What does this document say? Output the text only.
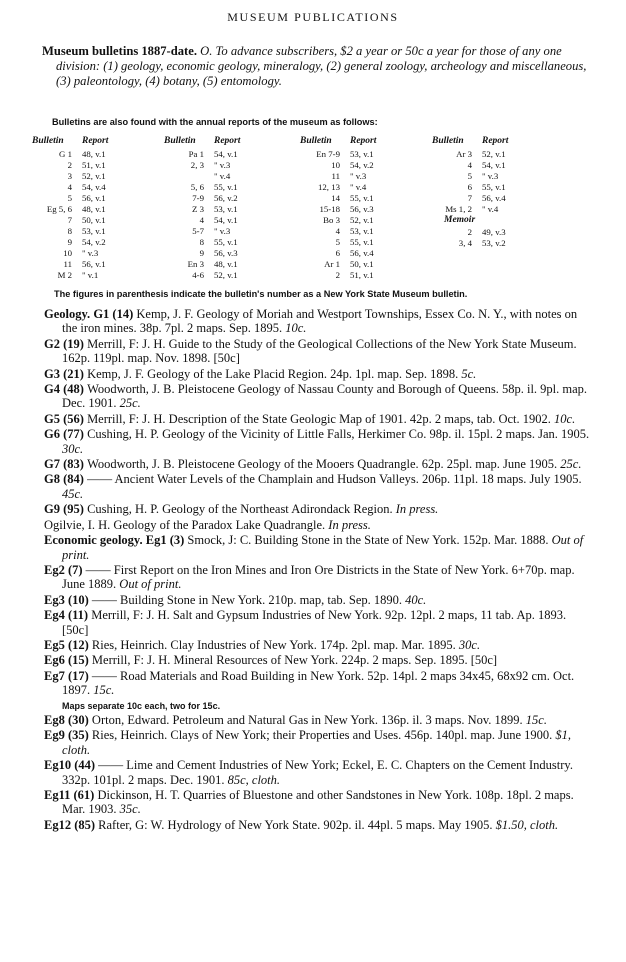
MUSEUM PUBLICATIONS

Museum bulletins 1887-date. O. To advance subscribers, $2 a year or 50c a year for those of any one division: (1) geology, economic geology, mineralogy, (2) general zoology, archeology and miscellaneous, (3) paleontology, (4) botany, (5) entomology.

Bulletins are also found with the annual reports of the museum as follows:
Bulletin Report
G 1 48, v.1
2 51, v.1
3 52, v.1
4 54, v.4
5 56, v.1
Eg 5, 6 48, v.1
7 50, v.1
8 53, v.1
9 54, v.2
10 " v.3
11 56, v.1
M 2 " v.1
Bulletin Report
Pa 1 54, v.1
2, 3 " v.3
" v.4
5, 6 55, v.1
7-9 56, v.2
Z 3 53, v.1
4 54, v.1
5-7 " v.3
8 55, v.1
9 56, v.3
En 3 48, v.1
4-6 52, v.1
Bulletin Report
En 7-9 53, v.1
10 54, v.2
11 " v.3
12, 13 " v.4
14 55, v.1
15-18 56, v.3
Bo 3 52, v.1
4 53, v.1
5 55, v.1
6 56, v.4
Ar 1 50, v.1
2 51, v.1
Bulletin Report
Ar 3 52, v.1
4 54, v.1
5 " v.3
6 55, v.1
7 56, v.4
Ms 1, 2 " v.4
Memoir
2 49, v.3
3, 4 53, v.2
The figures in parenthesis indicate the bulletin's number as a New York State Museum bulletin.

Geology. G1 (14) Kemp, J. F. Geology of Moriah and Westport Townships, Essex Co. N. Y., with notes on the iron mines. 38p. 7pl. 2 maps. Sep. 1895. 10c.

G2 (19) Merrill, F: J. H. Guide to the Study of the Geological Collections of the New York State Museum. 162p. 119pl. map. Nov. 1898. [50c]

G3 (21) Kemp, J. F. Geology of the Lake Placid Region. 24p. 1pl. map. Sep. 1898. 5c.

G4 (48) Woodworth, J. B. Pleistocene Geology of Nassau County and Borough of Queens. 58p. il. 9pl. map. Dec. 1901. 25c.

G5 (56) Merrill, F: J. H. Description of the State Geologic Map of 1901. 42p. 2 maps, tab. Oct. 1902. 10c.

G6 (77) Cushing, H. P. Geology of the Vicinity of Little Falls, Herkimer Co. 98p. il. 15pl. 2 maps. Jan. 1905. 30c.

G7 (83) Woodworth, J. B. Pleistocene Geology of the Mooers Quadrangle. 62p. 25pl. map. June 1905. 25c.

G8 (84) —— Ancient Water Levels of the Champlain and Hudson Valleys. 206p. 11pl. 18 maps. July 1905. 45c.

G9 (95) Cushing, H. P. Geology of the Northeast Adirondack Region. In press.

Ogilvie, I. H. Geology of the Paradox Lake Quadrangle. In press.

Economic geology. Eg1 (3) Smock, J: C. Building Stone in the State of New York. 152p. Mar. 1888. Out of print.

Eg2 (7) —— First Report on the Iron Mines and Iron Ore Districts in the State of New York. 6+70p. map. June 1889. Out of print.

Eg3 (10) —— Building Stone in New York. 210p. map, tab. Sep. 1890. 40c.

Eg4 (11) Merrill, F: J. H. Salt and Gypsum Industries of New York. 92p. 12pl. 2 maps, 11 tab. Ap. 1893. [50c]

Eg5 (12) Ries, Heinrich. Clay Industries of New York. 174p. 2pl. map. Mar. 1895. 30c.

Eg6 (15) Merrill, F: J. H. Mineral Resources of New York. 224p. 2 maps. Sep. 1895. [50c]

Eg7 (17) —— Road Materials and Road Building in New York. 52p. 14pl. 2 maps 34x45, 68x92 cm. Oct. 1897. 15c.

Maps separate 10c each, two for 15c.

Eg8 (30) Orton, Edward. Petroleum and Natural Gas in New York. 136p. il. 3 maps. Nov. 1899. 15c.

Eg9 (35) Ries, Heinrich. Clays of New York; their Properties and Uses. 456p. 140pl. map. June 1900. $1, cloth.

Eg10 (44) —— Lime and Cement Industries of New York; Eckel, E. C. Chapters on the Cement Industry. 332p. 101pl. 2 maps. Dec. 1901. 85c, cloth.

Eg11 (61) Dickinson, H. T. Quarries of Bluestone and other Sandstones in New York. 108p. 18pl. 2 maps. Mar. 1903. 35c.

Eg12 (85) Rafter, G: W. Hydrology of New York State. 902p. il. 44pl. 5 maps. May 1905. $1.50, cloth.
